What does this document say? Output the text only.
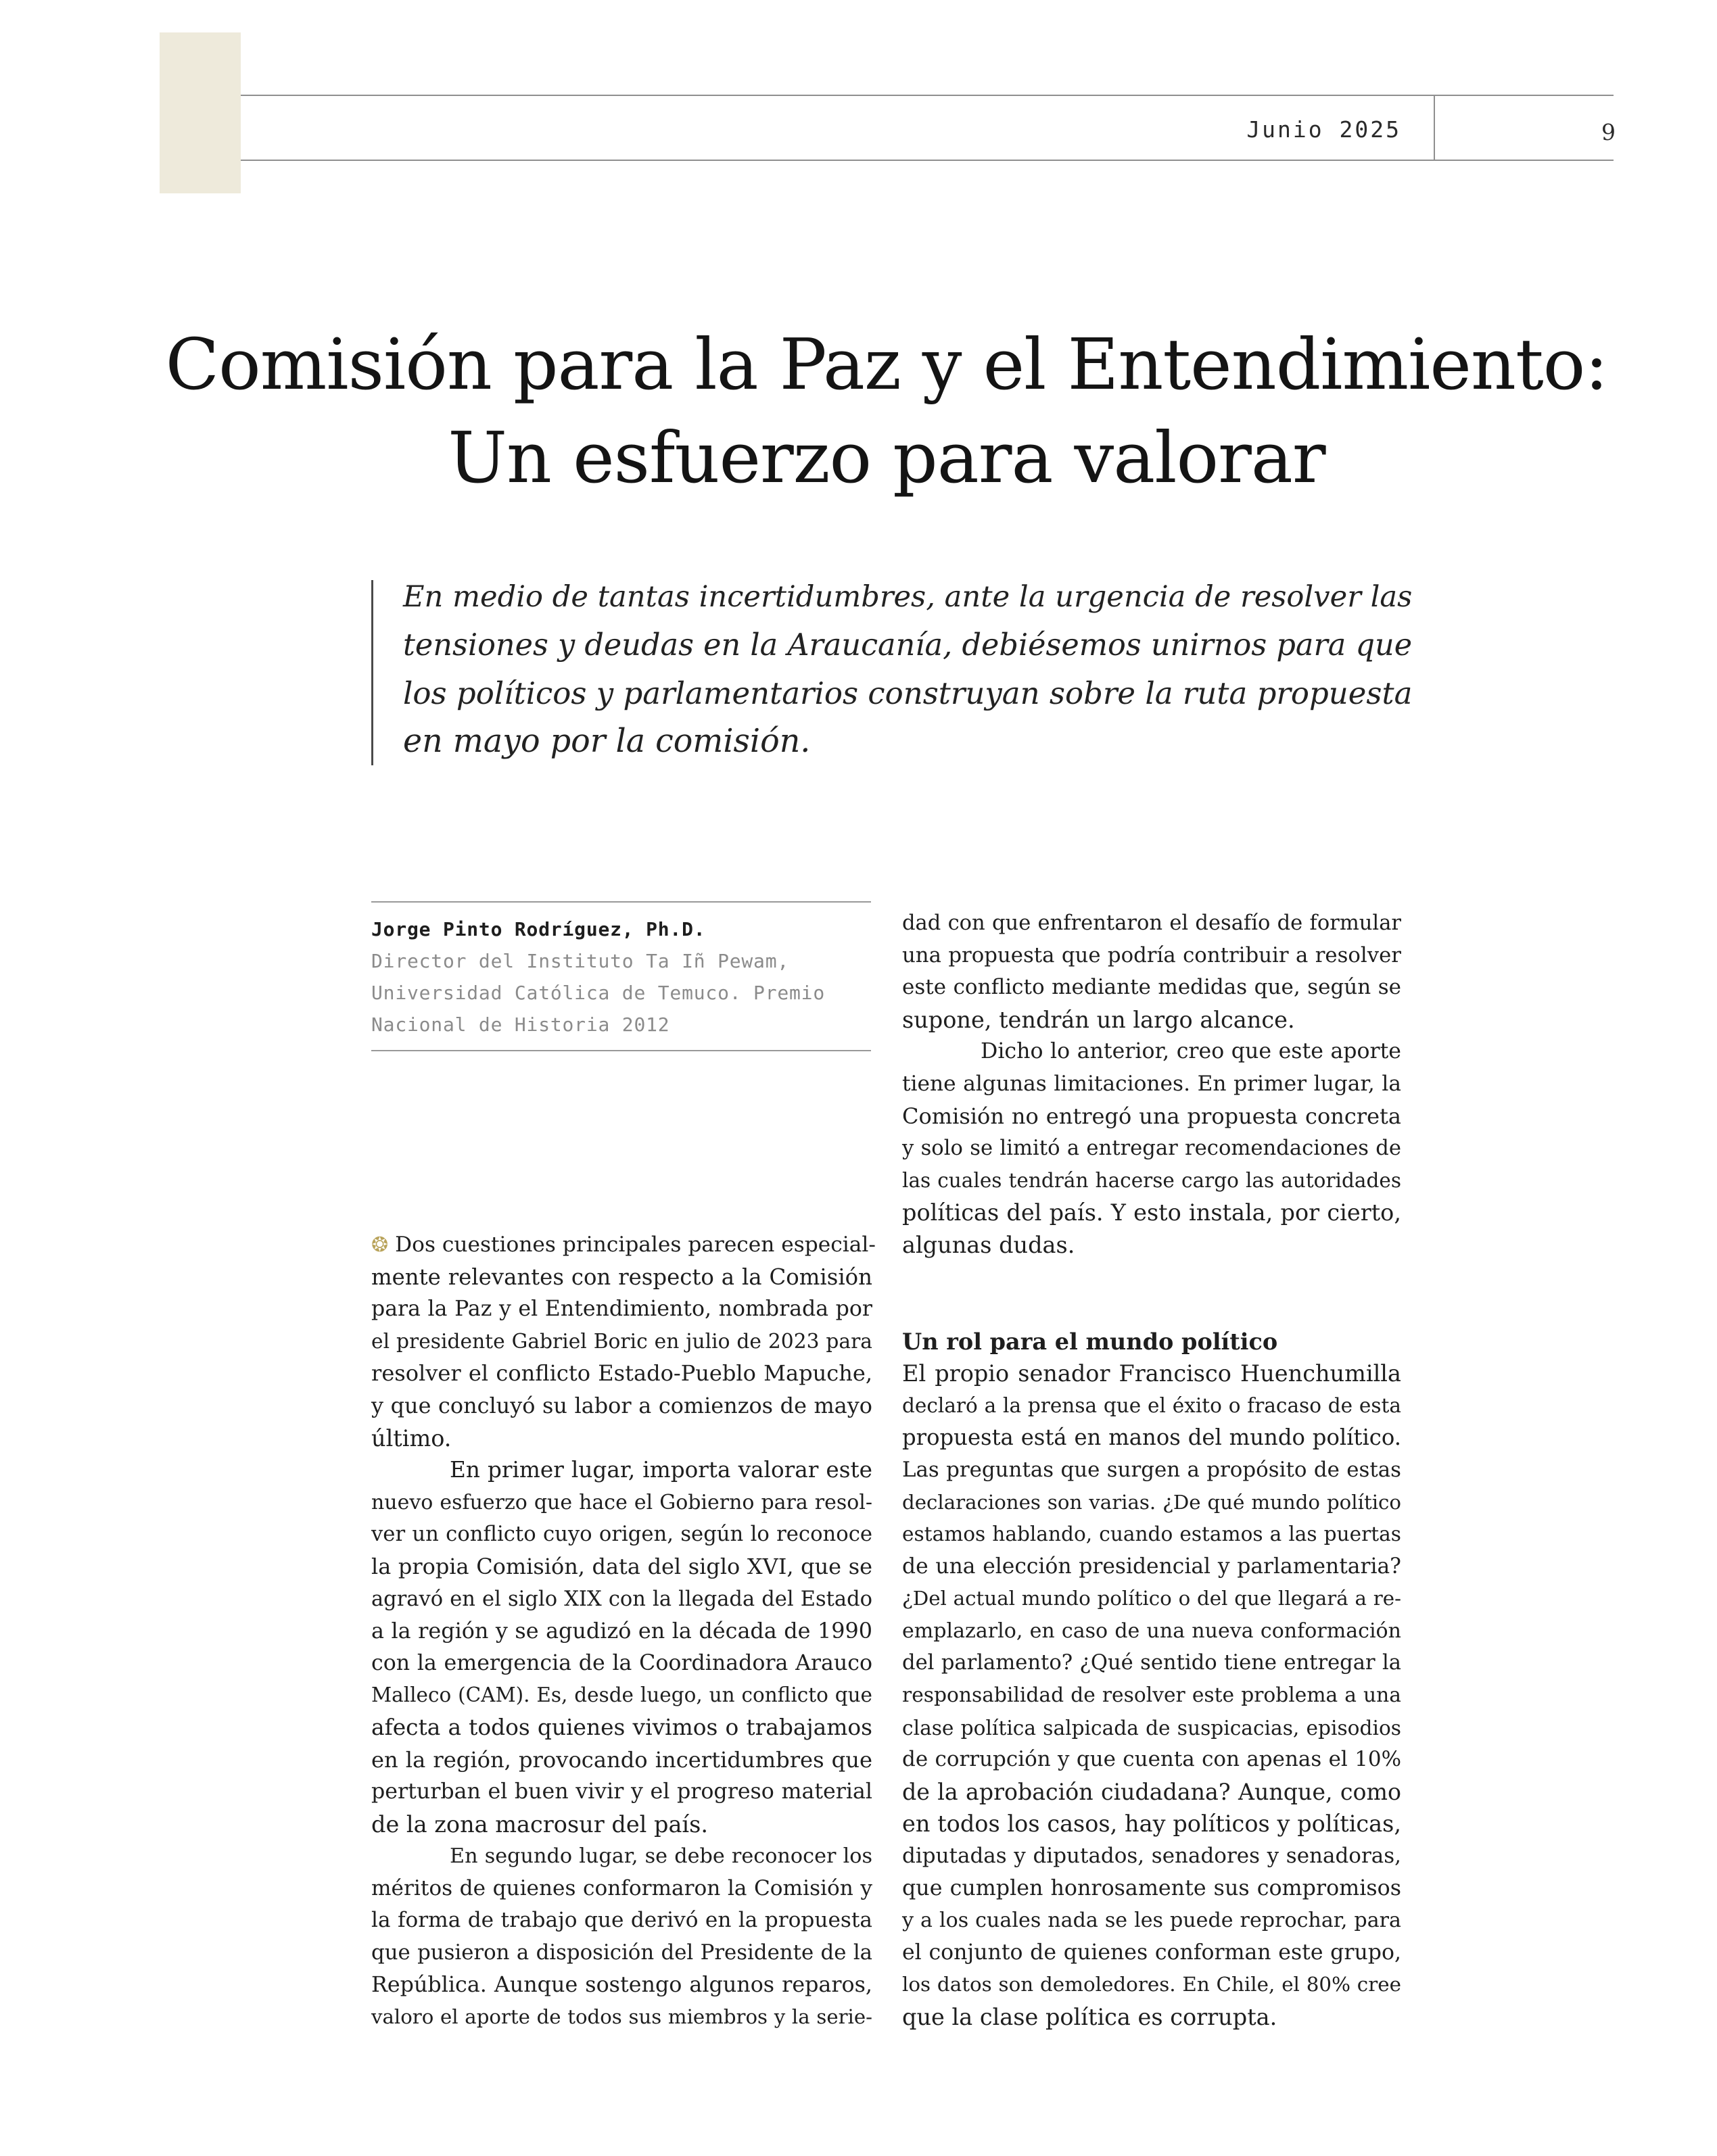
Junio 2025	9
Comisión para la Paz y el Entendimiento:
Un esfuerzo para valorar
En medio de tantas incertidumbres, ante la urgencia de resolver las
tensiones y deudas en la Araucanía, debiésemos unirnos para que
los políticos y parlamentarios construyan sobre la ruta propuesta
en mayo por la comisión.
Jorge Pinto Rodríguez, Ph.D.
Director del Instituto Ta Iñ Pewam,
Universidad Católica de Temuco. Premio
Nacional de Historia 2012
❂ Dos cuestiones principales parecen especial-
mente relevantes con respecto a la Comisión
para la Paz y el Entendimiento, nombrada por
el presidente Gabriel Boric en julio de 2023 para
resolver el conflicto Estado-Pueblo Mapuche,
y que concluyó su labor a comienzos de mayo
último.
En primer lugar, importa valorar este
nuevo esfuerzo que hace el Gobierno para resol-
ver un conflicto cuyo origen, según lo reconoce
la propia Comisión, data del siglo XVI, que se
agravó en el siglo XIX con la llegada del Estado
a la región y se agudizó en la década de 1990
con la emergencia de la Coordinadora Arauco
Malleco (CAM). Es, desde luego, un conflicto que
afecta a todos quienes vivimos o trabajamos
en la región, provocando incertidumbres que
perturban el buen vivir y el progreso material
de la zona macrosur del país.
En segundo lugar, se debe reconocer los
méritos de quienes conformaron la Comisión y
la forma de trabajo que derivó en la propuesta
que pusieron a disposición del Presidente de la
República. Aunque sostengo algunos reparos,
valoro el aporte de todos sus miembros y la serie-
dad con que enfrentaron el desafío de formular
una propuesta que podría contribuir a resolver
este conflicto mediante medidas que, según se
supone, tendrán un largo alcance.
Dicho lo anterior, creo que este aporte
tiene algunas limitaciones. En primer lugar, la
Comisión no entregó una propuesta concreta
y solo se limitó a entregar recomendaciones de
las cuales tendrán hacerse cargo las autoridades
políticas del país. Y esto instala, por cierto,
algunas dudas.
Un rol para el mundo político
El propio senador Francisco Huenchumilla
declaró a la prensa que el éxito o fracaso de esta
propuesta está en manos del mundo político.
Las preguntas que surgen a propósito de estas
declaraciones son varias. ¿De qué mundo político
estamos hablando, cuando estamos a las puertas
de una elección presidencial y parlamentaria?
¿Del actual mundo político o del que llegará a re-
emplazarlo, en caso de una nueva conformación
del parlamento? ¿Qué sentido tiene entregar la
responsabilidad de resolver este problema a una
clase política salpicada de suspicacias, episodios
de corrupción y que cuenta con apenas el 10%
de la aprobación ciudadana? Aunque, como
en todos los casos, hay políticos y políticas,
diputadas y diputados, senadores y senadoras,
que cumplen honrosamente sus compromisos
y a los cuales nada se les puede reprochar, para
el conjunto de quienes conforman este grupo,
los datos son demoledores. En Chile, el 80% cree
que la clase política es corrupta.
